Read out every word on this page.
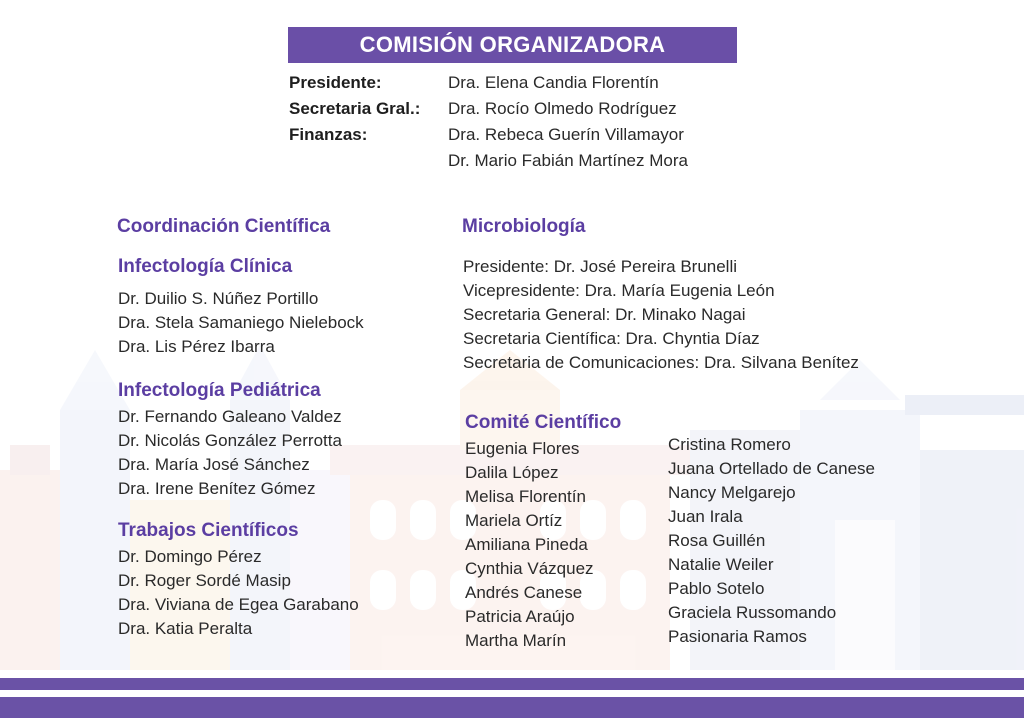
COMISIÓN ORGANIZADORA
Presidente:	Dra. Elena Candia Florentín
Secretaria Gral.: Dra. Rocío Olmedo Rodríguez
Finanzas:	Dra. Rebeca Guerín Villamayor
Dr. Mario Fabián Martínez Mora
Coordinación Científica
Infectología Clínica
Dr. Duilio S. Núñez Portillo
Dra. Stela Samaniego Nielebock
Dra. Lis Pérez Ibarra
Infectología Pediátrica
Dr. Fernando Galeano Valdez
Dr. Nicolás González Perrotta
Dra. María José Sánchez
Dra. Irene Benítez Gómez
Trabajos Científicos
Dr. Domingo Pérez
Dr. Roger Sordé Masip
Dra. Viviana de Egea Garabano
Dra. Katia Peralta
Microbiología
Presidente: Dr. José Pereira Brunelli
Vicepresidente: Dra. María Eugenia León
Secretaria General: Dr. Minako Nagai
Secretaria Científica: Dra. Chyntia Díaz
Secretaria de Comunicaciones: Dra. Silvana Benítez
Comité Científico
Eugenia Flores
Dalila López
Melisa Florentín
Mariela Ortíz
Amiliana Pineda
Cynthia Vázquez
Andrés Canese
Patricia Araújo
Martha Marín
Cristina Romero
Juana Ortellado de Canese
Nancy Melgarejo
Juan Irala
Rosa Guillén
Natalie Weiler
Pablo Sotelo
Graciela Russomando
Pasionaria Ramos
